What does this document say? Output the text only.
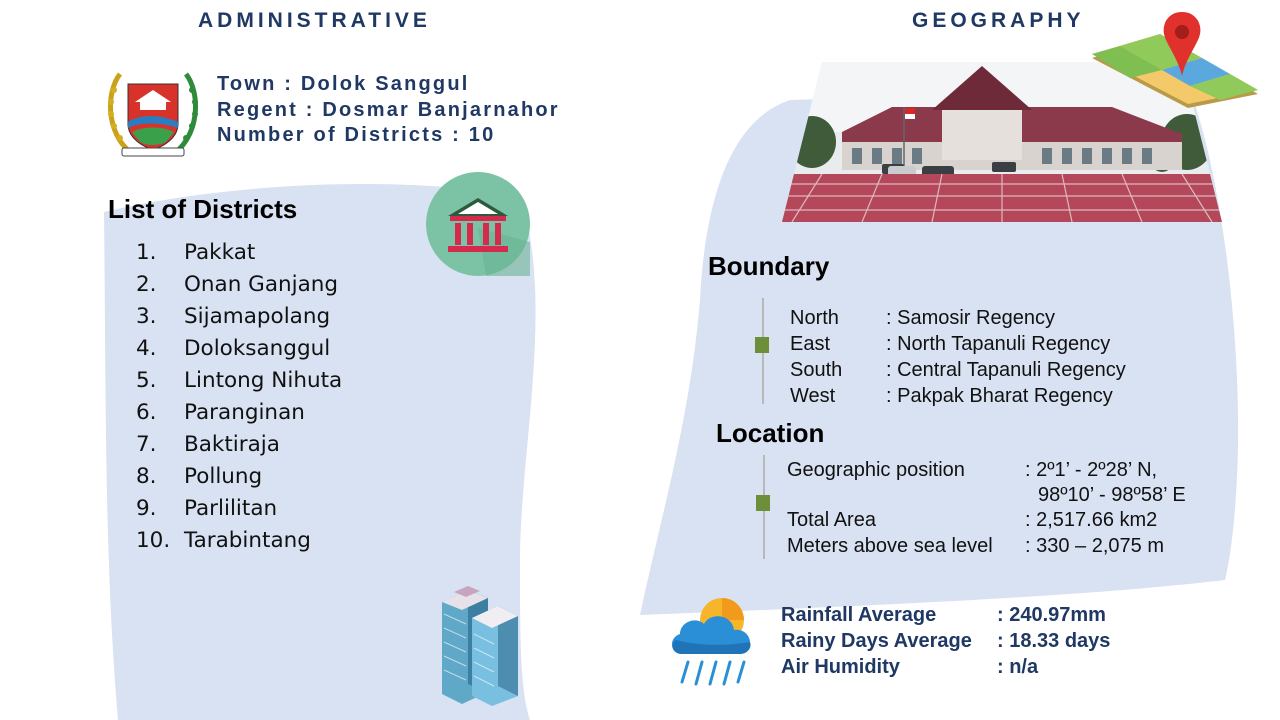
ADMINISTRATIVE
Town : Dolok Sanggul
Regent : Dosmar Banjarnahor
Number of Districts : 10
List of Districts
1.	Pakkat
2.	Onan Ganjang
3.	Sijamapolang
4.	Doloksanggul
5.	Lintong Nihuta
6.	Paranginan
7.	Baktiraja
8.	Pollung
9.	Parlilitan
10. Tarabintang
GEOGRAPHY
Boundary
North	: Samosir Regency
East	: North Tapanuli Regency
South	: Central Tapanuli Regency
West	: Pakpak Bharat Regency
Location
Geographic position	: 2º1’ - 2º28’ N,
98º10’ - 98º58’ E
Total Area	: 2,517.66 km2
Meters above sea level	: 330 – 2,075 m
Rainfall Average	: 240.97mm
Rainy Days Average	: 18.33 days
Air Humidity	: n/a
